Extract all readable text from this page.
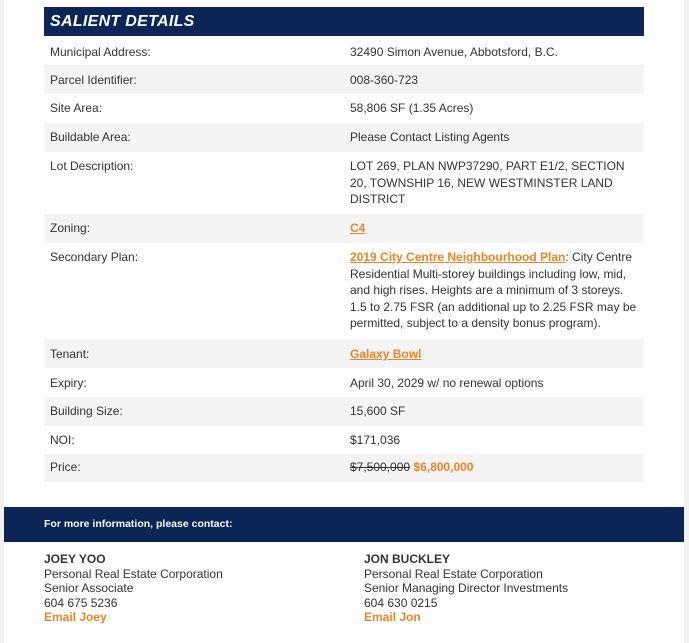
SALIENT DETAILS
Municipal Address:	32490 Simon Avenue, Abbotsford, B.C.
Parcel Identifier:	008-360-723
Site Area:	58,806 SF (1.35 Acres)
Buildable Area:	Please Contact Listing Agents
Lot Description:	LOT 269, PLAN NWP37290, PART E1/2, SECTION 20, TOWNSHIP 16, NEW WESTMINSTER LAND DISTRICT
Zoning:	C4
Secondary Plan:	2019 City Centre Neighbourhood Plan: City Centre Residential Multi-storey buildings including low, mid, and high rises. Heights are a minimum of 3 storeys. 1.5 to 2.75 FSR (an additional up to 2.25 FSR may be permitted, subject to a density bonus program).
Tenant:	Galaxy Bowl
Expiry:	April 30, 2029 w/ no renewal options
Building Size:	15,600 SF
NOI:	$171,036
Price:	$7,500,000 $6,800,000
For more information, please contact:
JOEY YOO
Personal Real Estate Corporation
Senior Associate
604 675 5236
Email Joey
JON BUCKLEY
Personal Real Estate Corporation
Senior Managing Director Investments
604 630 0215
Email Jon
